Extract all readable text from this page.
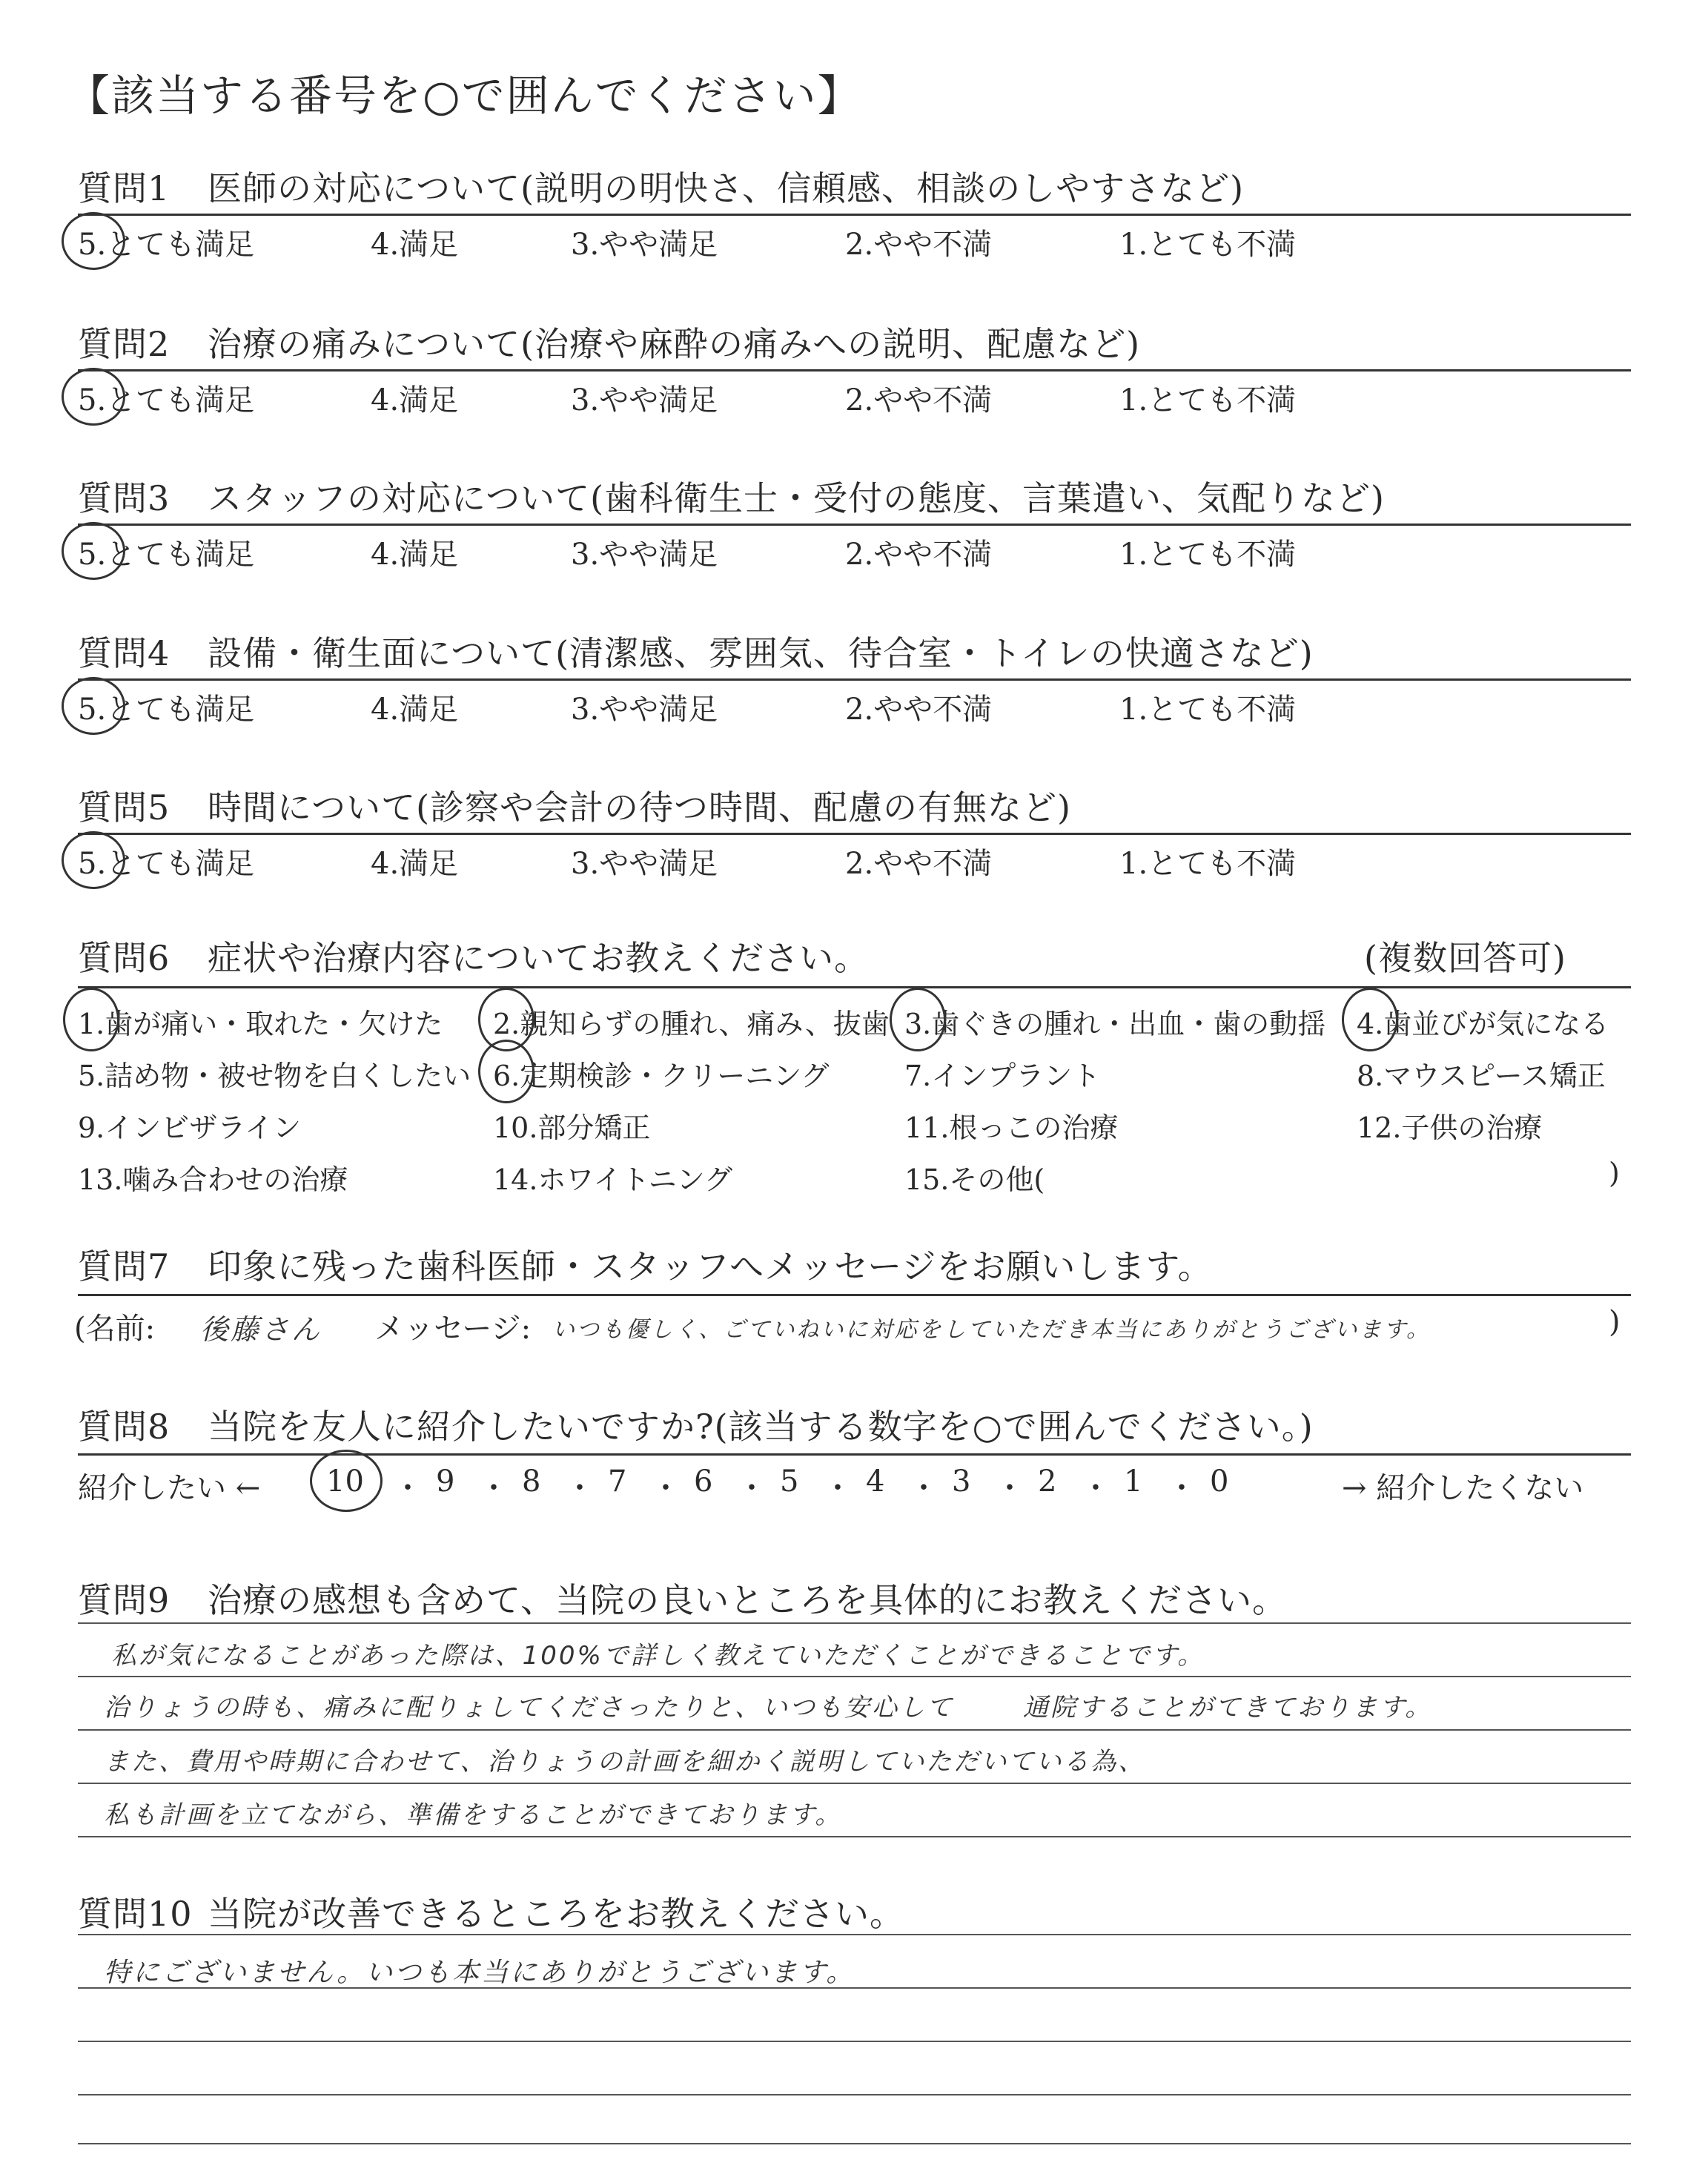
【該当する番号を○で囲んでください】
質問1 医師の対応について(説明の明快さ、信頼感、相談のしやすさなど)
5.とても満足	4.満足	3.やや満足	2.やや不満	1.とても不満
質問2 治療の痛みについて(治療や麻酔の痛みへの説明、配慮など)
5.とても満足	4.満足	3.やや満足	2.やや不満	1.とても不満
質問3 スタッフの対応について(歯科衛生士・受付の態度、言葉遣い、気配りなど)
5.とても満足	4.満足	3.やや満足	2.やや不満	1.とても不満
質問4 設備・衛生面について(清潔感、雰囲気、待合室・トイレの快適さなど)
5.とても満足	4.満足	3.やや満足	2.やや不満	1.とても不満
質問5 時間について(診察や会計の待つ時間、配慮の有無など)
5.とても満足	4.満足	3.やや満足	2.やや不満	1.とても不満
質問6 症状や治療内容についてお教えください。	(複数回答可)
1.歯が痛い・取れた・欠けた 2.親知らずの腫れ、痛み、抜歯 3.歯ぐきの腫れ・出血・歯の動揺 4.歯並びが気になる
5.詰め物・被せ物を白くしたい 6.定期検診・クリーニング	7.インプラント	8.マウスピース矯正
9.インビザライン	10.部分矯正	11.根っこの治療	12.子供の治療
13.噛み合わせの治療	14.ホワイトニング	15.その他(	)
質問7 印象に残った歯科医師・スタッフへメッセージをお願いします。
(名前: 後藤さん メッセージ: いつも優しく、ごていねいに対応をしていただき本当にありがとうございます。	)
質問8 当院を友人に紹介したいですか?(該当する数字を○で囲んでください。)
紹介したい ← 10 ・ 9 ・ 8 ・ 7 ・ 6 ・ 5 ・ 4 ・ 3 ・ 2 ・ 1 ・ 0	→ 紹介したくない
質問9 治療の感想も含めて、当院の良いところを具体的にお教えください。
私が気になることがあった際は、100%で詳しく教えていただくことができることです。
治りょうの時も、痛みに配りょしてくださったりと、いつも安心して	通院することがてきております。
また、費用や時期に合わせて、治りょうの計画を細かく説明していただいている為、
私も計画を立てながら、準備をすることができております。
質問10 当院が改善できるところをお教えください。
特にございません。いつも本当にありがとうございます。
